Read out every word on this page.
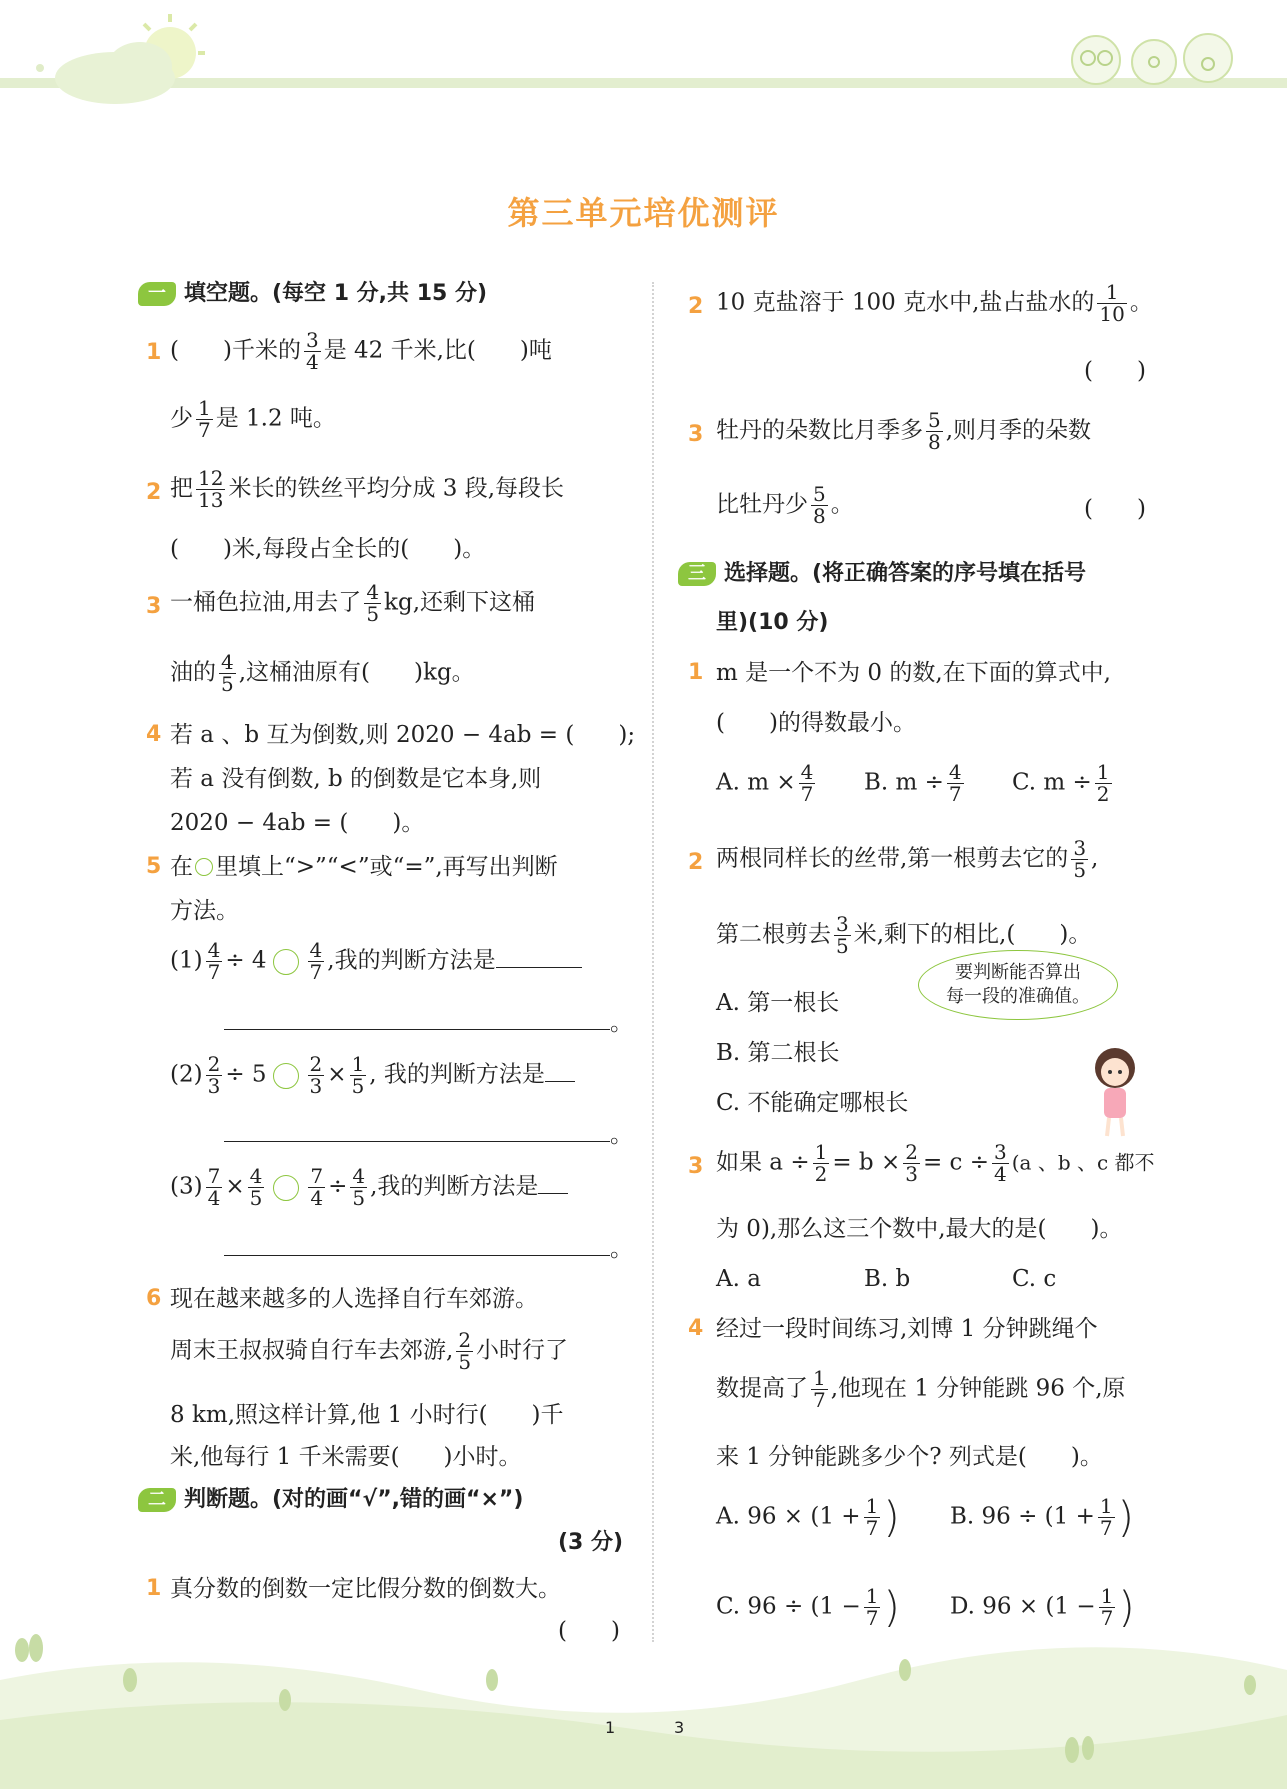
第三单元培优测评
一 填空题。(每空 1 分,共 15 分)
1 ( )千米的 $\frac{3}{4}$ 是 42 千米,比( )吨
少 $\frac{1}{7}$ 是 1.2 吨。
2 把 $\frac{12}{13}$ 米长的铁丝平均分成 3 段,每段长
( )米,每段占全长的( )。
3 一桶色拉油,用去了 $\frac{4}{5}$ kg,还剩下这桶
油的 $\frac{4}{5}$ ,这桶油原有( )kg。
4 若 a 、b 互为倒数,则 2020 − 4ab = ( );
若 a 没有倒数, b 的倒数是它本身,则
2020 − 4ab = ( )。
5 在 里填上“>”“<”或“=”,再写出判断
方法。
$(1) \frac{4}{7} \div 4 \frac{4}{7}$ ,我的判断方法是
。
$(2) \frac{2}{3} \div 5 \frac{2}{3} \times \frac{1}{5}$ , 我的判断方法是
。
$(3) \frac{7}{4} \times \frac{4}{5} \frac{7}{4} \div \frac{4}{5}$ ,我的判断方法是
。
6 现在越来越多的人选择自行车郊游。
周末王叔叔骑自行车去郊游, $\frac{2}{5}$ 小时行了
8 km,照这样计算,他 1 小时行( )千
米,他每行 1 千米需要( )小时。
二 判断题。(对的画“√”,错的画“×”)
(3 分)
1 真分数的倒数一定比假分数的倒数大。
( )
2 10 克盐溶于 100 克水中,盐占盐水的 $\frac{1}{10}$ 。
( )
3 牡丹的朵数比月季多 $\frac{5}{8}$ ,则月季的朵数
比牡丹少 $\frac{5}{8}$ 。	( )
三 选择题。(将正确答案的序号填在括号
里)(10 分)
1 m 是一个不为 0 的数,在下面的算式中,
( )的得数最小。
A. $m \times \frac{4}{7} B$. $m \div \frac{4}{7} C$. $m \div \frac{1}{2}$
2 两根同样长的丝带,第一根剪去它的 $\frac{3}{5}$ ,
第二根剪去 $\frac{3}{5}$ 米,剩下的相比,( )。
A. 第一根长
B. 第二根长
C. 不能确定哪根长
3 如果 $a \div \frac{1}{2} = b \times \frac{2}{3} = c \div \frac{3}{4} (a$ 、b 、c 都不
为 0),那么这三个数中,最大的是( )。
A. a	B. b	C. c
4 经过一段时间练习,刘博 1 分钟跳绳个
数提高了 $\frac{1}{7}$ ,他现在 1 分钟能跳 96 个,原
来 1 分钟能跳多少个? 列式是( )。
A. $96 \times (1 + \frac{1}{7}$ ) B. $96 \div (1 + \frac{1}{7}$ )
C. $96 \div (1 - \frac{1}{7}$ ) D. $96 \times (1 - \frac{1}{7}$ )
要判断能否算出
每一段的准确值。
1	3
